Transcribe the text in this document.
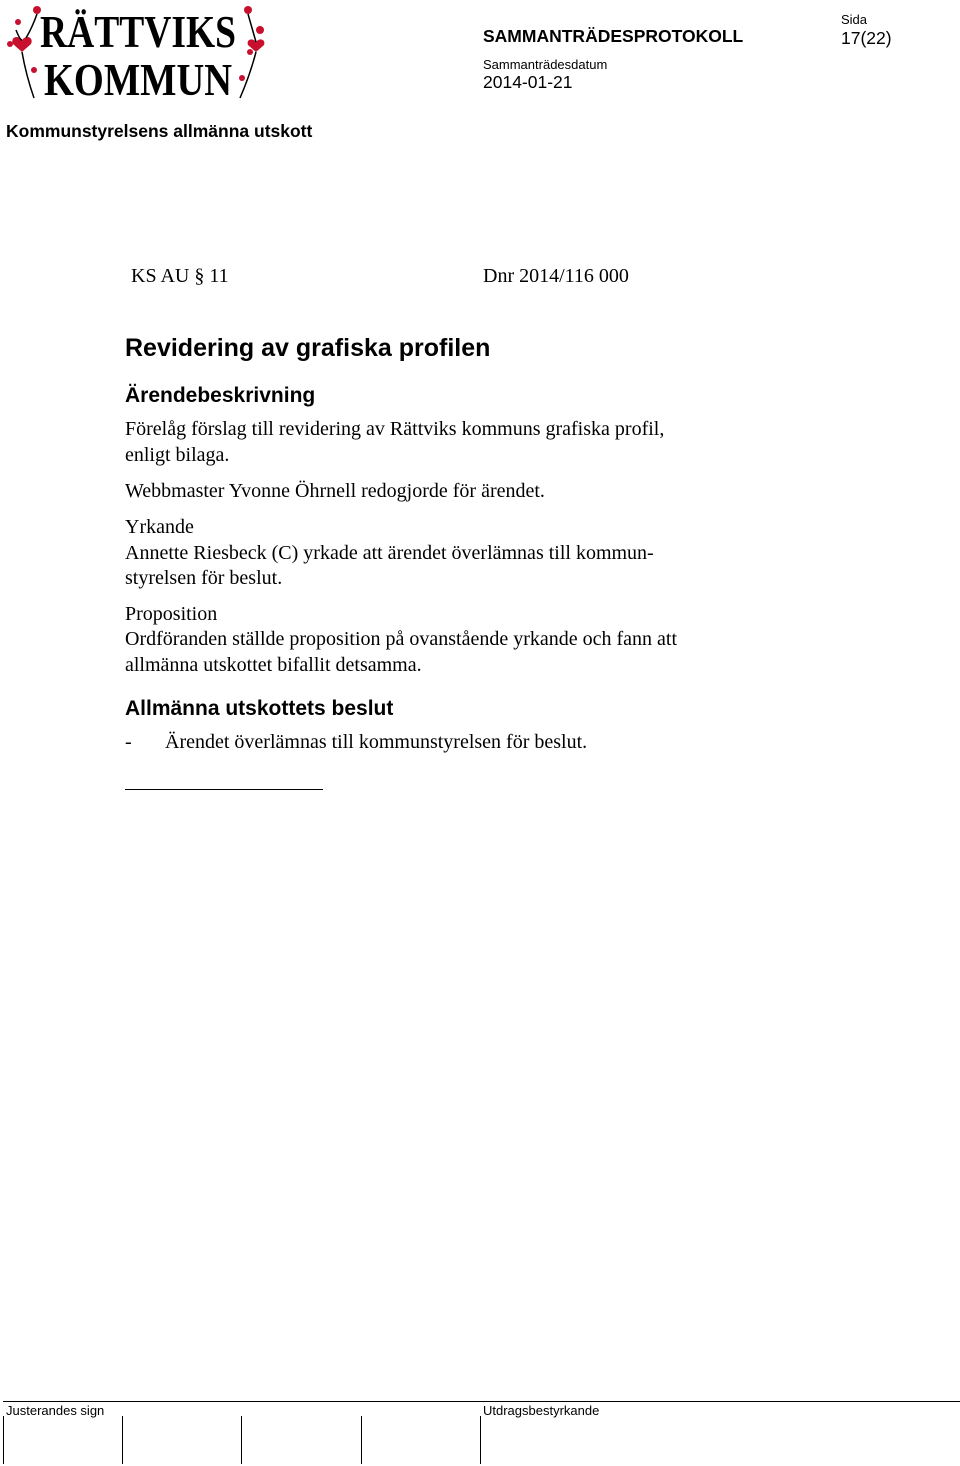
RÄTTVIKS
KOMMUN
SAMMANTRÄDESPROTOKOLL
Sida
17(22)
Sammanträdesdatum
2014-01-21
Kommunstyrelsens allmänna utskott
KS AU § 11	Dnr 2014/116 000
Revidering av grafiska profilen
Ärendebeskrivning
Förelåg förslag till revidering av Rättviks kommuns grafiska profil,
enligt bilaga.
Webbmaster Yvonne Öhrnell redogjorde för ärendet.
Yrkande
Annette Riesbeck (C) yrkade att ärendet överlämnas till kommun-
styrelsen för beslut.
Proposition
Ordföranden ställde proposition på ovanstående yrkande och fann att
allmänna utskottet bifallit detsamma.
Allmänna utskottets beslut
- Ärendet överlämnas till kommunstyrelsen för beslut.
Justerandes sign	Utdragsbestyrkande
